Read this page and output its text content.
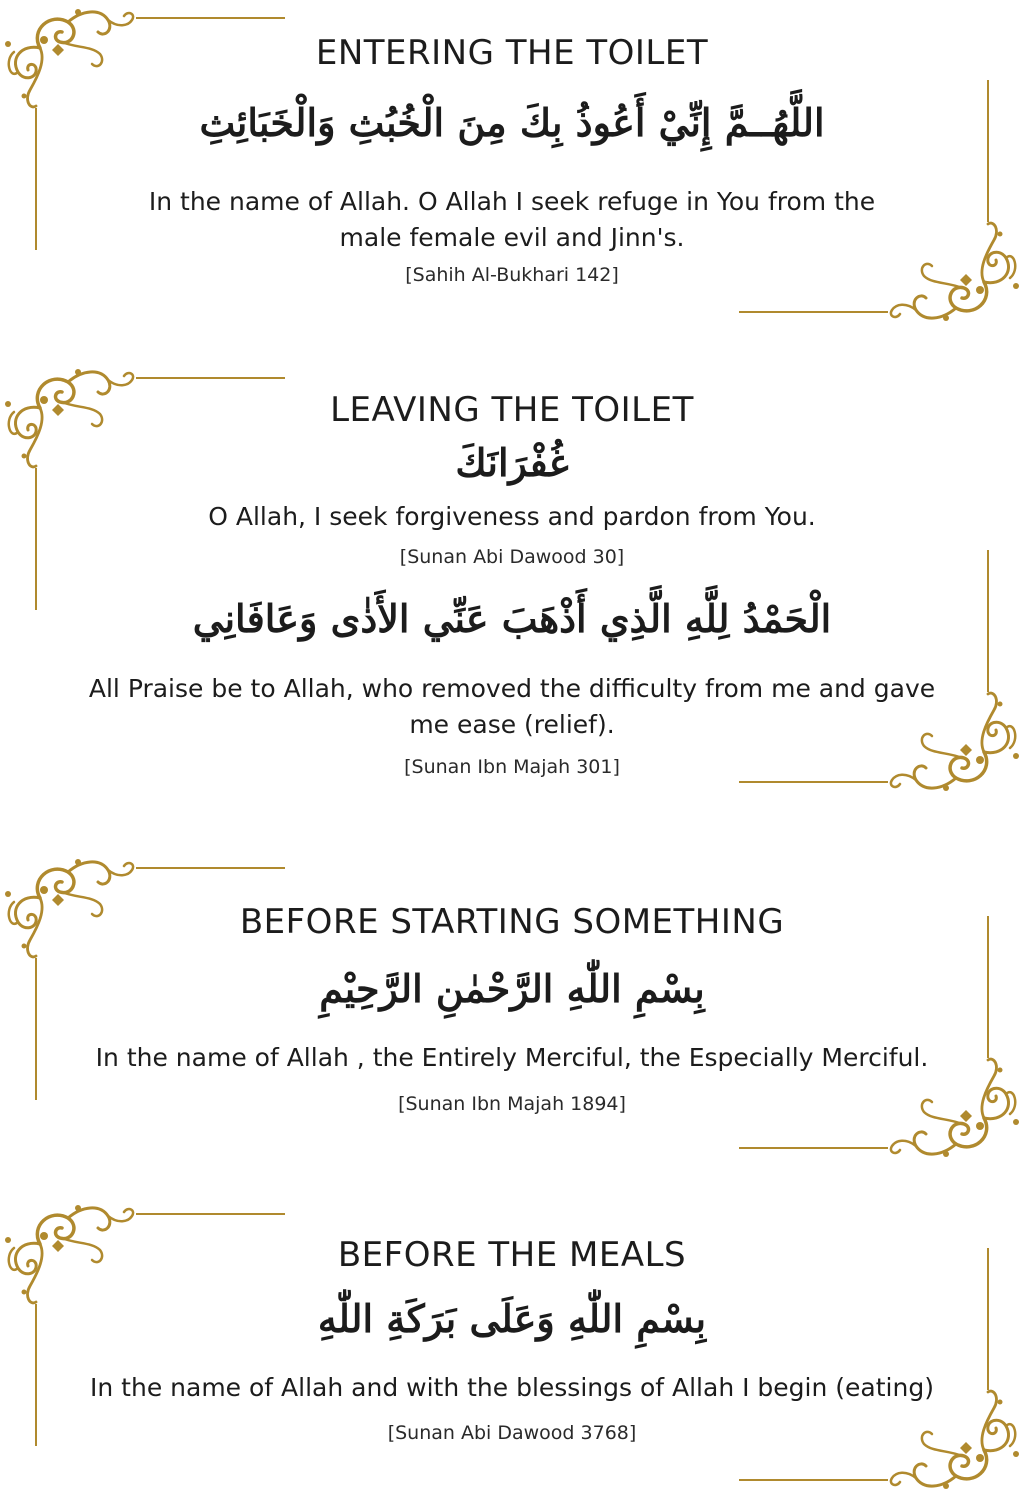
ENTERING THE TOILET
اللَّهُــمَّ إِنِّيْ أَعُوذُ بِكَ مِنَ الْخُبُثِ وَالْخَبَائِثِ
In the name of Allah. O Allah I seek refuge in You from the
male female evil and Jinn's.
[Sahih Al-Bukhari 142]
LEAVING THE TOILET
غُفْرَانَكَ
O Allah, I seek forgiveness and pardon from You.
[Sunan Abi Dawood 30]
الْحَمْدُ لِلَّهِ الَّذِي أَذْهَبَ عَنِّي الأَذٰى وَعَافَانِي
All Praise be to Allah, who removed the difficulty from me and gave
me ease (relief).
[Sunan Ibn Majah 301]
BEFORE STARTING SOMETHING
بِسْمِ اللّٰهِ الرَّحْمٰنِ الرَّحِيْمِ
In the name of Allah , the Entirely Merciful, the Especially Merciful.
[Sunan Ibn Majah 1894]
BEFORE THE MEALS
بِسْمِ اللّٰهِ وَعَلَى بَرَكَةِ اللّٰهِ
In the name of Allah and with the blessings of Allah I begin (eating)
[Sunan Abi Dawood 3768]
